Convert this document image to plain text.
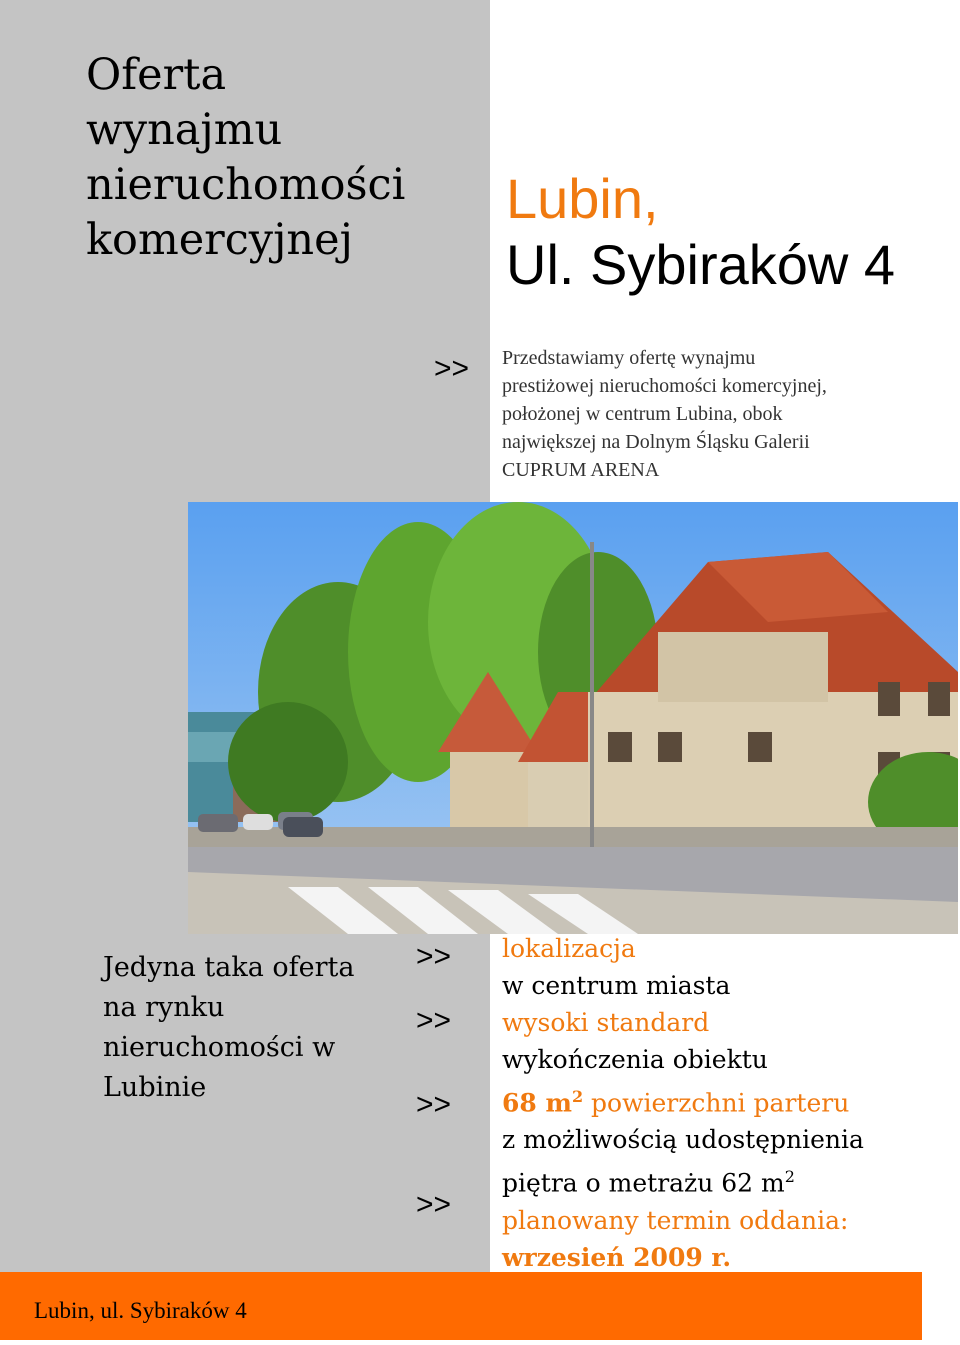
Oferta
wynajmu
nieruchomości
komercyjnej
Lubin,
Ul. Sybiraków 4
>> Przedstawiamy ofertę wynajmu
prestiżowej nieruchomości komercyjnej,
położonej w centrum Lubina, obok
największej na Dolnym Śląsku Galerii
CUPRUM ARENA
Jedyna taka oferta
na rynku
nieruchomości w
Lubinie
>>
>>
>>
>>
lokalizacja
w centrum miasta
wysoki standard
wykończenia obiektu
68 $m^2$ powierzchni parteru
z możliwością udostępnienia
piętra o metrażu 62 $m^2$
planowany termin oddania:
wrzesień 2009 r.
Lubin, ul. Sybiraków 4
